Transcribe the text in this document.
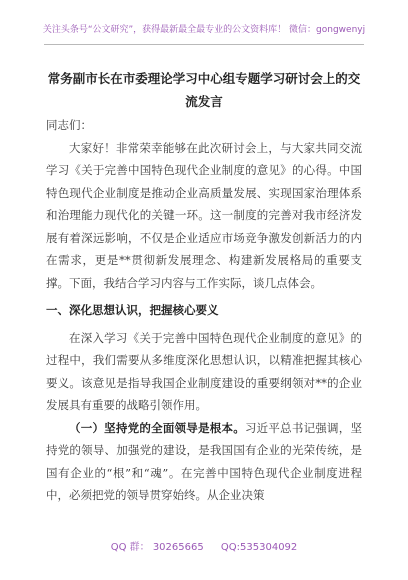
关注头条号“公文研究”，获得最新最全最专业的公文资料库！ 微信：gongwenyj
常务副市长在市委理论学习中心组专题学习研讨会上的交
流发言

同志们：

大家好！非常荣幸能够在此次研讨会上，与大家共同交流学习《关于完善中国特色现代企业制度的意见》的心得。中国特色现代企业制度是推动企业高质量发展、实现国家治理体系和治理能力现代化的关键一环。这一制度的完善对我市经济发展有着深远影响，不仅是企业适应市场竞争激发创新活力的内在需求，更是**贯彻新发展理念、构建新发展格局的重要支撑。下面，我结合学习内容与工作实际，谈几点体会。

一、深化思想认识，把握核心要义

在深入学习《关于完善中国特色现代企业制度的意见》的过程中，我们需要从多维度深化思想认识，以精准把握其核心要义。该意见是指导我国企业制度建设的重要纲领对**的企业发展具有重要的战略引领作用。

（一）坚持党的全面领导是根本。习近平总书记强调，坚持党的领导、加强党的建设，是我国国有企业的光荣传统，是国有企业的“根”和“魂”。在完善中国特色现代企业制度进程中，必须把党的领导贯穿始终。从企业决策

QQ 群： 30265665 QQ:535304092
